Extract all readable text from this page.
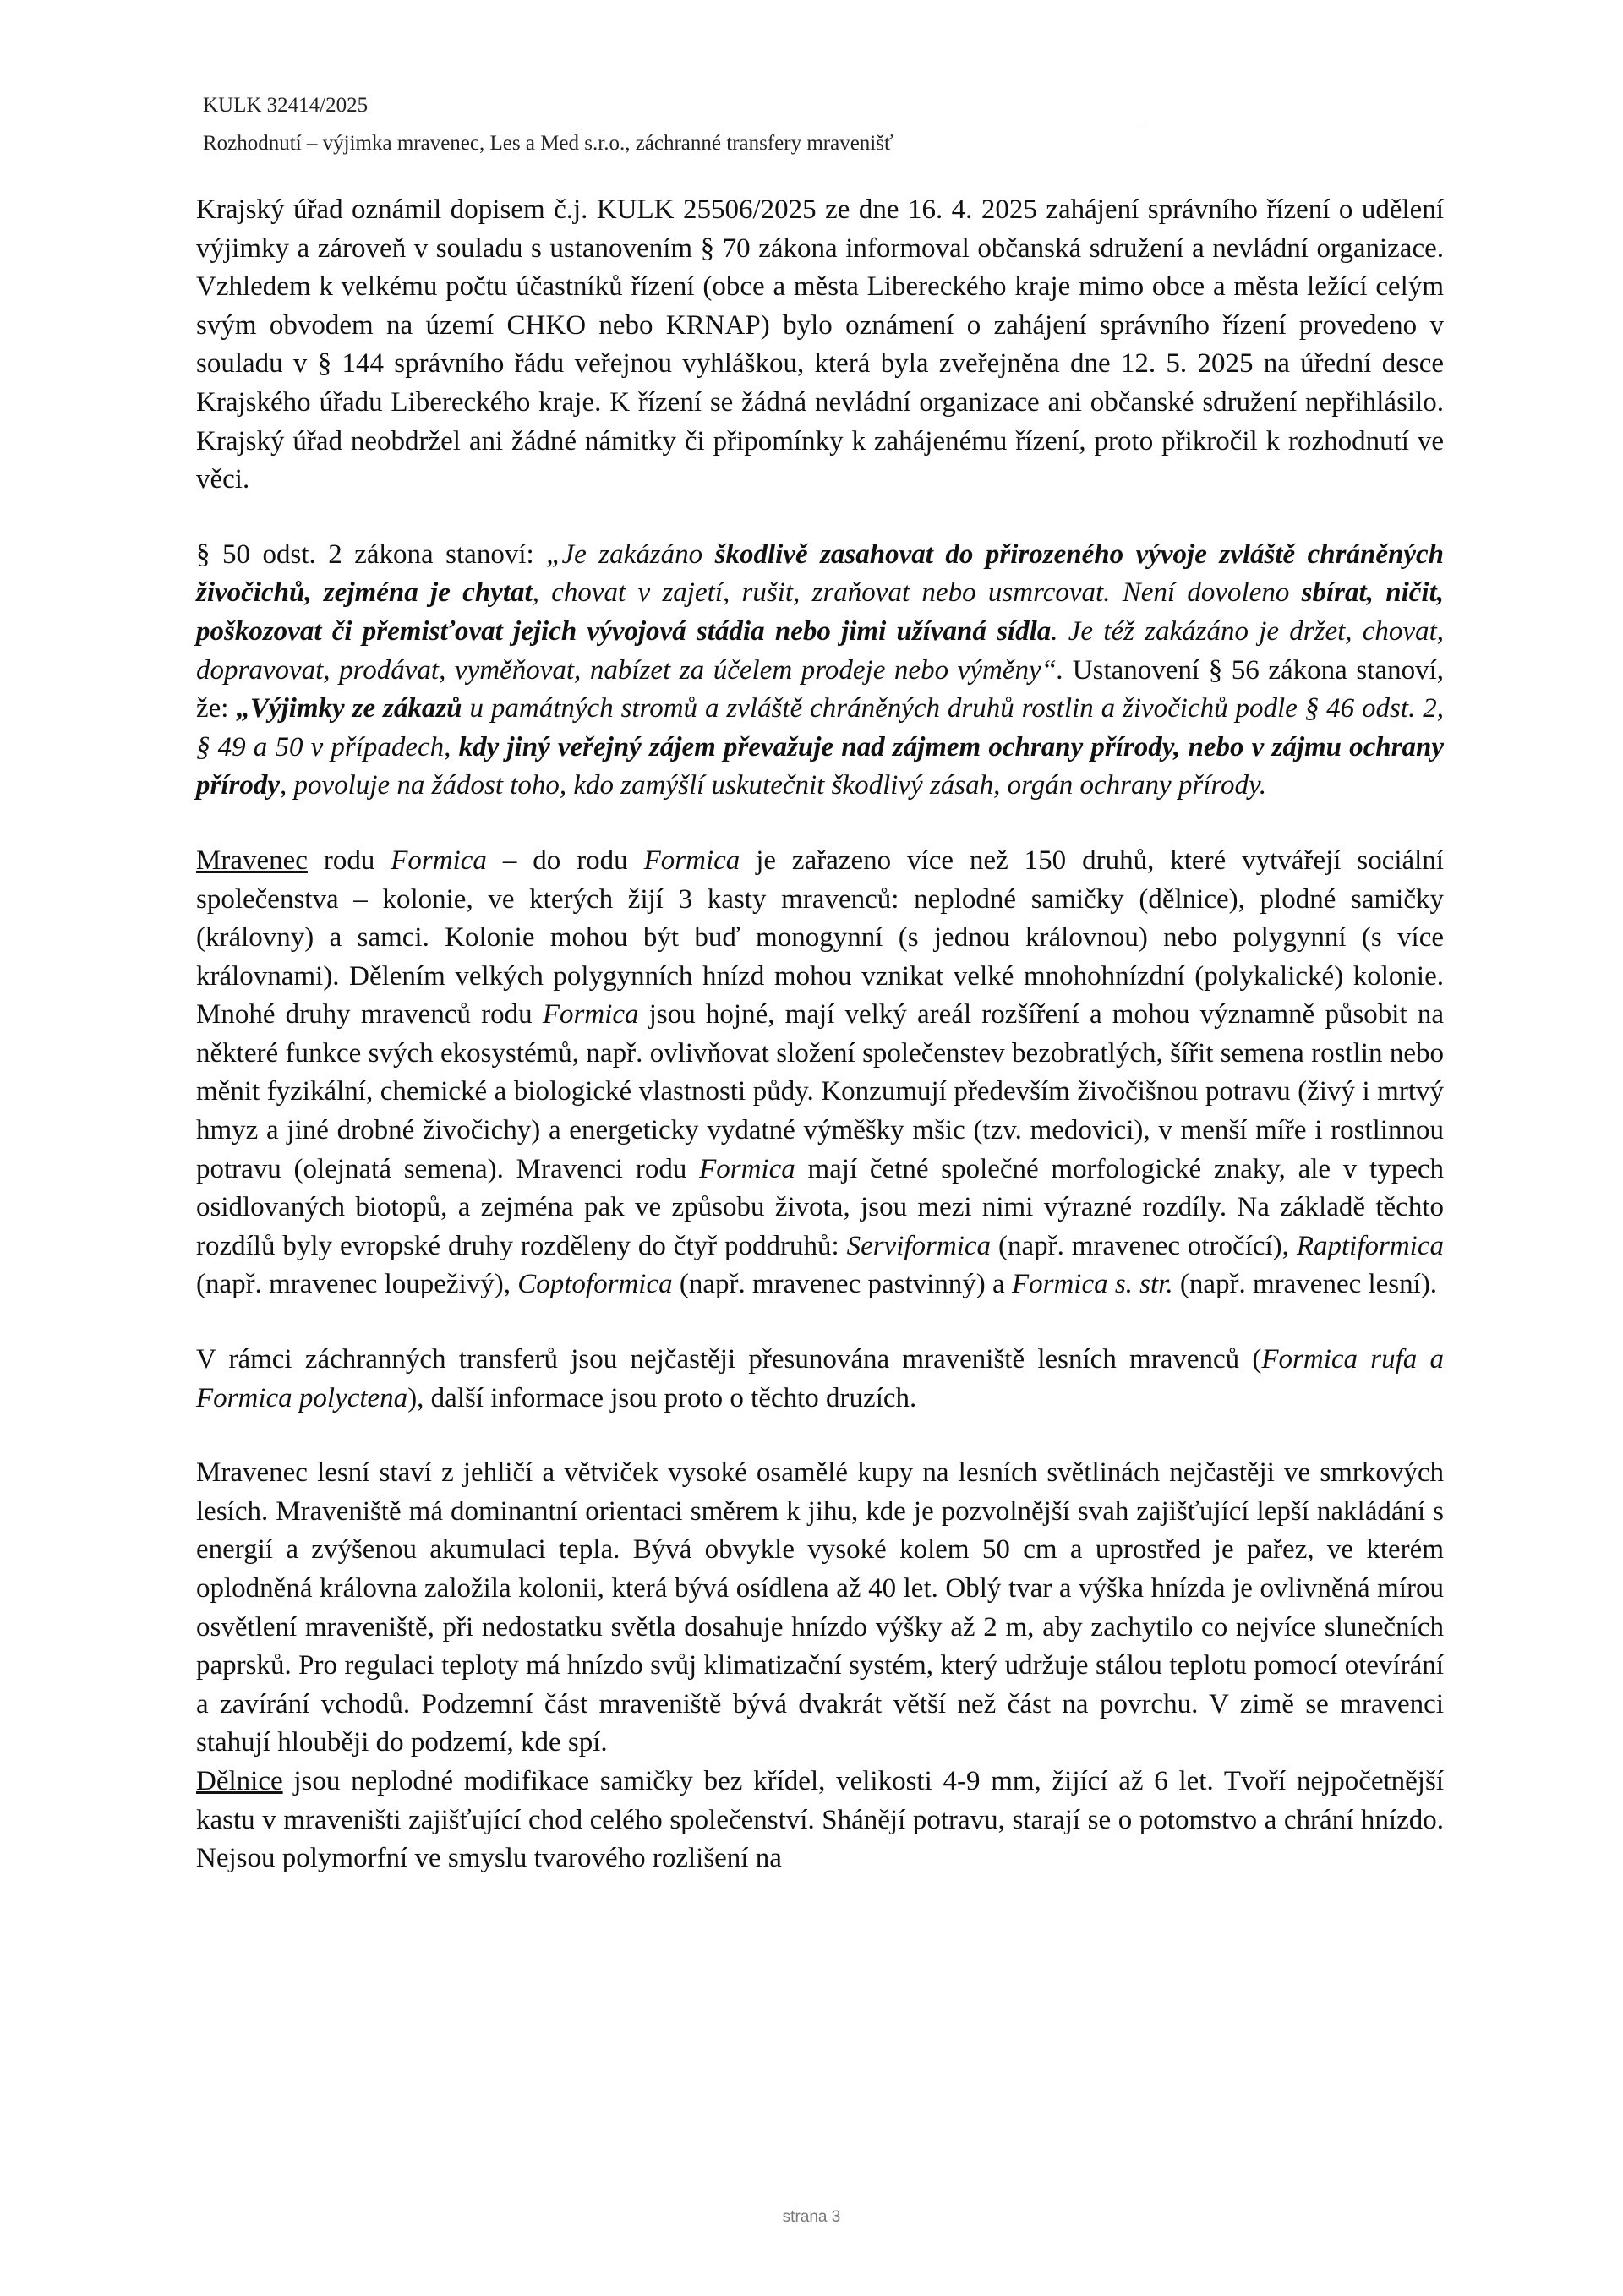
KULK 32414/2025
Rozhodnutí – výjimka mravenec, Les a Med s.r.o., záchranné transfery mravenišť

Krajský úřad oznámil dopisem č.j. KULK 25506/2025 ze dne 16. 4. 2025 zahájení správního řízení o udělení výjimky a zároveň v souladu s ustanovením § 70 zákona informoval občanská sdružení a nevládní organizace. Vzhledem k velkému počtu účastníků řízení (obce a města Libereckého kraje mimo obce a města ležící celým svým obvodem na území CHKO nebo KRNAP) bylo oznámení o zahájení správního řízení provedeno v souladu v § 144 správního řádu veřejnou vyhláškou, která byla zveřejněna dne 12. 5. 2025 na úřední desce Krajského úřadu Libereckého kraje. K řízení se žádná nevládní organizace ani občanské sdružení nepřihlásilo. Krajský úřad neobdržel ani žádné námitky či připomínky k zahájenému řízení, proto přikročil k rozhodnutí ve věci.

§ 50 odst. 2 zákona stanoví: „Je zakázáno škodlivě zasahovat do přirozeného vývoje zvláště chráněných živočichů, zejména je chytat, chovat v zajetí, rušit, zraňovat nebo usmrcovat. Není dovoleno sbírat, ničit, poškozovat či přemisťovat jejich vývojová stádia nebo jimi užívaná sídla. Je též zakázáno je držet, chovat, dopravovat, prodávat, vyměňovat, nabízet za účelem prodeje nebo výměny“. Ustanovení § 56 zákona stanoví, že: „Výjimky ze zákazů u památných stromů a zvláště chráněných druhů rostlin a živočichů podle § 46 odst. 2, § 49 a 50 v případech, kdy jiný veřejný zájem převažuje nad zájmem ochrany přírody, nebo v zájmu ochrany přírody, povoluje na žádost toho, kdo zamýšlí uskutečnit škodlivý zásah, orgán ochrany přírody.

Mravenec rodu Formica – do rodu Formica je zařazeno více než 150 druhů, které vytvářejí sociální společenstva – kolonie, ve kterých žijí 3 kasty mravenců: neplodné samičky (dělnice), plodné samičky (královny) a samci. Kolonie mohou být buď monogynní (s jednou královnou) nebo polygynní (s více královnami). Dělením velkých polygynních hnízd mohou vznikat velké mnohohnízdní (polykalické) kolonie. Mnohé druhy mravenců rodu Formica jsou hojné, mají velký areál rozšíření a mohou významně působit na některé funkce svých ekosystémů, např. ovlivňovat složení společenstev bezobratlých, šířit semena rostlin nebo měnit fyzikální, chemické a biologické vlastnosti půdy. Konzumují především živočišnou potravu (živý i mrtvý hmyz a jiné drobné živočichy) a energeticky vydatné výměšky mšic (tzv. medovici), v menší míře i rostlinnou potravu (olejnatá semena). Mravenci rodu Formica mají četné společné morfologické znaky, ale v typech osidlovaných biotopů, a zejména pak ve způsobu života, jsou mezi nimi výrazné rozdíly. Na základě těchto rozdílů byly evropské druhy rozděleny do čtyř poddruhů: Serviformica (např. mravenec otročící), Raptiformica (např. mravenec loupeživý), Coptoformica (např. mravenec pastvinný) a Formica s. str. (např. mravenec lesní).

V rámci záchranných transferů jsou nejčastěji přesunována mraveniště lesních mravenců (Formica rufa a Formica polyctena), další informace jsou proto o těchto druzích.

Mravenec lesní staví z jehličí a větviček vysoké osamělé kupy na lesních světlinách nejčastěji ve smrkových lesích. Mraveniště má dominantní orientaci směrem k jihu, kde je pozvolnější svah zajišťující lepší nakládání s energií a zvýšenou akumulaci tepla. Bývá obvykle vysoké kolem 50 cm a uprostřed je pařez, ve kterém oplodněná královna založila kolonii, která bývá osídlena až 40 let. Oblý tvar a výška hnízda je ovlivněná mírou osvětlení mraveniště, při nedostatku světla dosahuje hnízdo výšky až 2 m, aby zachytilo co nejvíce slunečních paprsků. Pro regulaci teploty má hnízdo svůj klimatizační systém, který udržuje stálou teplotu pomocí otevírání a zavírání vchodů. Podzemní část mraveniště bývá dvakrát větší než část na povrchu. V zimě se mravenci stahují hlouběji do podzemí, kde spí.

Dělnice jsou neplodné modifikace samičky bez křídel, velikosti 4-9 mm, žijící až 6 let. Tvoří nejpočetnější kastu v mraveništi zajišťující chod celého společenství. Shánějí potravu, starají se o potomstvo a chrání hnízdo. Nejsou polymorfní ve smyslu tvarového rozlišení na

strana 3
